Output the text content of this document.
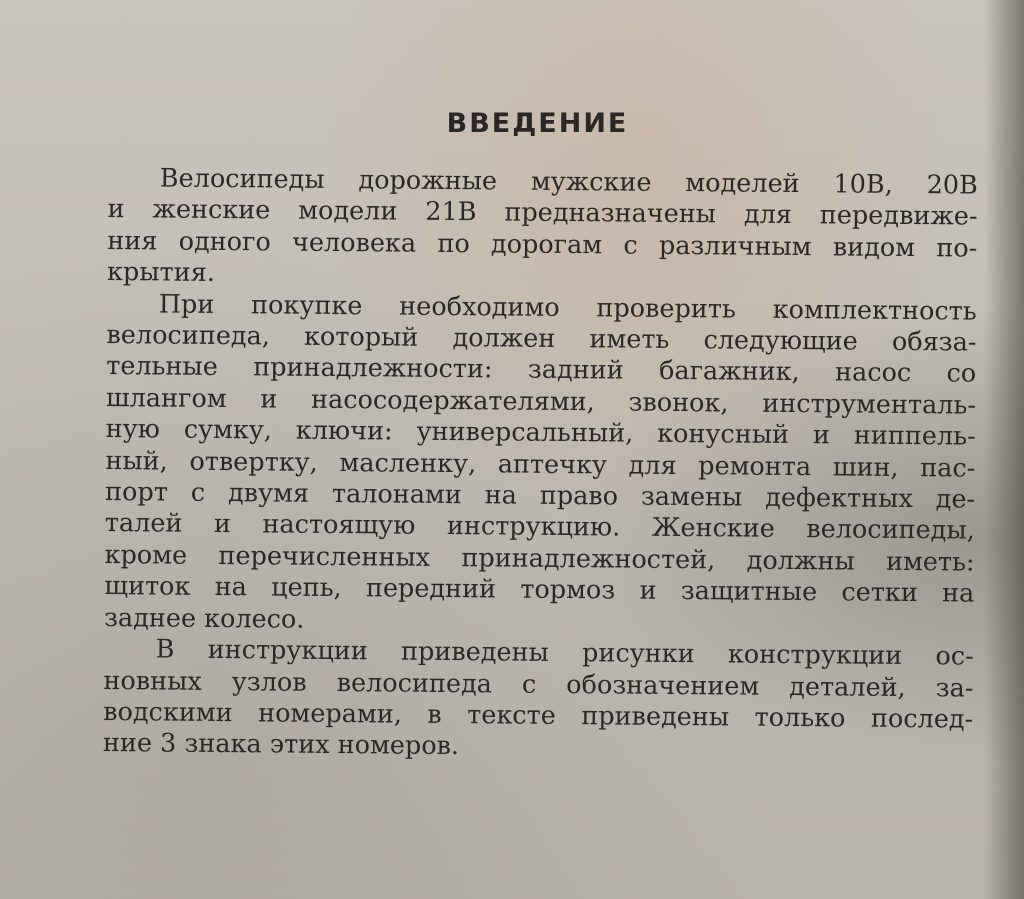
ВВЕДЕНИЕ
Велосипеды дорожные мужские моделей 10В, 20В
и женские модели 21В предназначены для передвиже-
ния одного человека по дорогам с различным видом по-
крытия.
При покупке необходимо проверить комплектность
велосипеда, который должен иметь следующие обяза-
тельные принадлежности: задний багажник, насос со
шлангом и насосодержателями, звонок, инструменталь-
ную сумку, ключи: универсальный, конусный и ниппель-
ный, отвертку, масленку, аптечку для ремонта шин, пас-
порт с двумя талонами на право замены дефектных де-
талей и настоящую инструкцию. Женские велосипеды,
кроме перечисленных принадлежностей, должны иметь:
щиток на цепь, передний тормоз и защитные сетки на
заднее колесо.
В инструкции приведены рисунки конструкции ос-
новных узлов велосипеда с обозначением деталей, за-
водскими номерами, в тексте приведены только послед-
ние 3 знака этих номеров.
